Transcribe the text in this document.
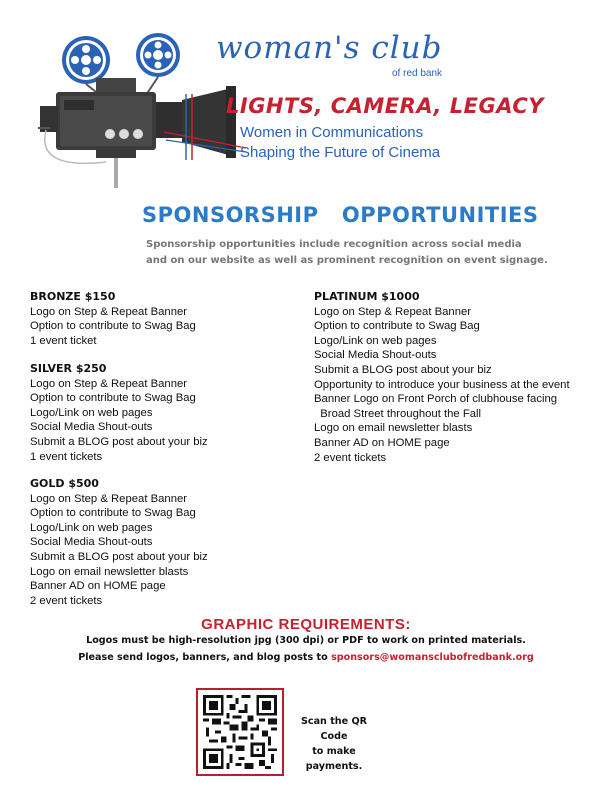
woman's club
of red bank
LIGHTS, CAMERA, LEGACY
Women in Communications
Shaping the Future of Cinema
SPONSORSHIP   OPPORTUNITIES
Sponsorship opportunities include recognition across social media
and on our website as well as prominent recognition on event signage.
BRONZE $150
Logo on Step & Repeat Banner
Option to contribute to Swag Bag
1 event ticket
SILVER $250
Logo on Step & Repeat Banner
Option to contribute to Swag Bag
Logo/Link on web pages
Social Media Shout-outs
Submit a BLOG post about your biz
1 event tickets
GOLD $500
Logo on Step & Repeat Banner
Option to contribute to Swag Bag
Logo/Link on web pages
Social Media Shout-outs
Submit a BLOG post about your biz
Logo on email newsletter blasts
Banner AD on HOME page
2 event tickets
PLATINUM $1000
Logo on Step & Repeat Banner
Option to contribute to Swag Bag
Logo/Link on web pages
Social Media Shout-outs
Submit a BLOG post about your biz
Opportunity to introduce your business at the event
Banner Logo on Front Porch of clubhouse facing
Broad Street throughout the Fall
Logo on email newsletter blasts
Banner AD on HOME page
2 event tickets
GRAPHIC REQUIREMENTS:
Logos must be high-resolution jpg (300 dpi) or PDF to work on printed materials.
Please send logos, banners, and blog posts to sponsors@womansclubofredbank.org
Scan the QR Code
to make payments.
